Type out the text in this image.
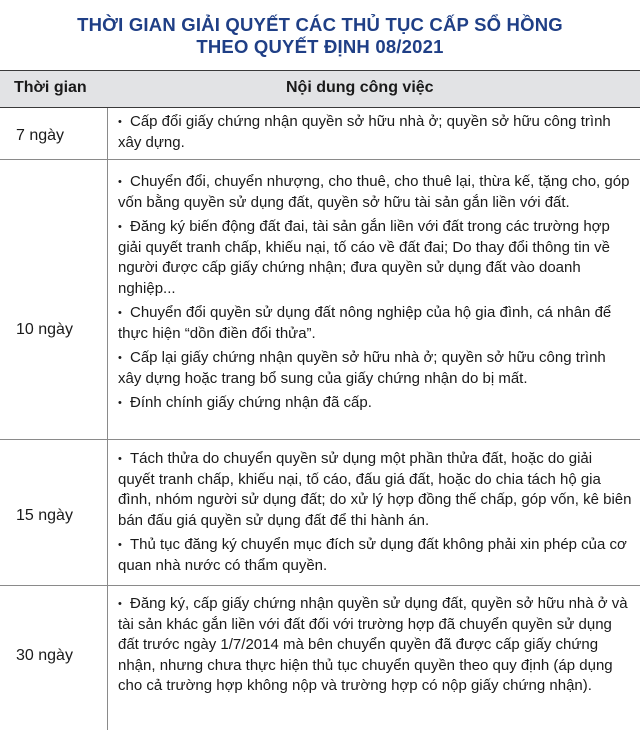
THỜI GIAN GIẢI QUYẾT CÁC THỦ TỤC CẤP SỔ HỒNG
THEO QUYẾT ĐỊNH 08/2021
Thời gian	Nội dung công việc
7 ngày
• Cấp đổi giấy chứng nhận quyền sở hữu nhà ở; quyền sở hữu công trình xây dựng.
10 ngày
• Chuyển đổi, chuyển nhượng, cho thuê, cho thuê lại, thừa kế, tặng cho, góp vốn bằng quyền sử dụng đất, quyền sở hữu tài sản gắn liền với đất.
• Đăng ký biến động đất đai, tài sản gắn liền với đất trong các trường hợp giải quyết tranh chấp, khiếu nại, tố cáo về đất đai; Do thay đổi thông tin về người được cấp giấy chứng nhận; đưa quyền sử dụng đất vào doanh nghiệp...
• Chuyển đổi quyền sử dụng đất nông nghiệp của hộ gia đình, cá nhân để thực hiện “dồn điền đổi thửa”.
• Cấp lại giấy chứng nhận quyền sở hữu nhà ở; quyền sở hữu công trình xây dựng hoặc trang bổ sung của giấy chứng nhận do bị mất.
• Đính chính giấy chứng nhận đã cấp.
15 ngày
• Tách thửa do chuyển quyền sử dụng một phần thửa đất, hoặc do giải quyết tranh chấp, khiếu nại, tố cáo, đấu giá đất, hoặc do chia tách hộ gia đình, nhóm người sử dụng đất; do xử lý hợp đồng thế chấp, góp vốn, kê biên bán đấu giá quyền sử dụng đất để thi hành án.
• Thủ tục đăng ký chuyển mục đích sử dụng đất không phải xin phép của cơ quan nhà nước có thẩm quyền.
30 ngày
• Đăng ký, cấp giấy chứng nhận quyền sử dụng đất, quyền sở hữu nhà ở và tài sản khác gắn liền với đất đối với trường hợp đã chuyển quyền sử dụng đất trước ngày 1/7/2014 mà bên chuyển quyền đã được cấp giấy chứng nhận, nhưng chưa thực hiện thủ tục chuyển quyền theo quy định (áp dụng cho cả trường hợp không nộp và trường hợp có nộp giấy chứng nhận).
